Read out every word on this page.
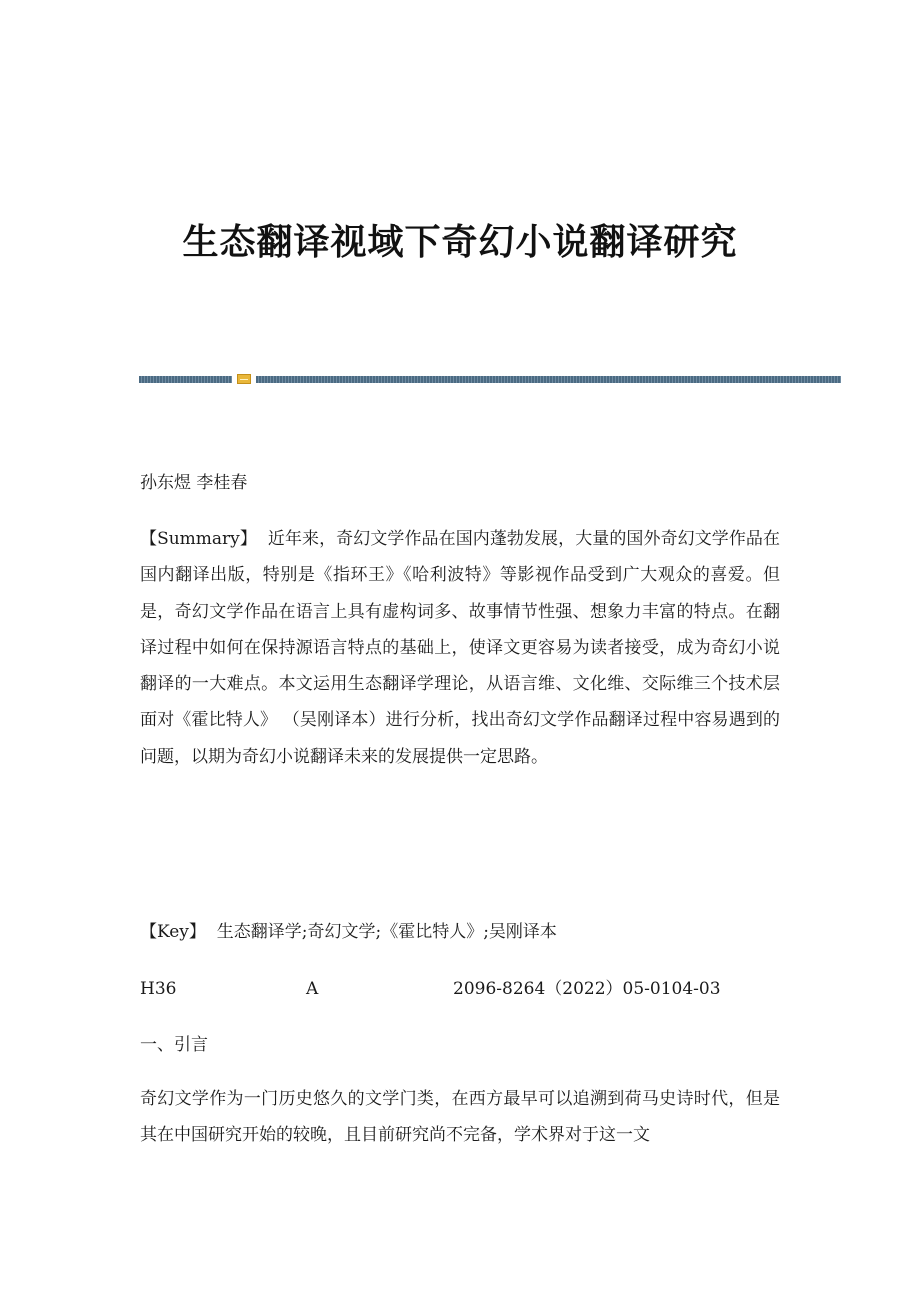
生态翻译视域下奇幻小说翻译研究

孙东煜 李桂春

【Summary】 近年来，奇幻文学作品在国内蓬勃发展，大量的国外奇幻文学作品在国内翻译出版，特别是《指环王》《哈利波特》等影视作品受到广大观众的喜爱。但是，奇幻文学作品在语言上具有虚构词多、故事情节性强、想象力丰富的特点。在翻译过程中如何在保持源语言特点的基础上，使译文更容易为读者接受，成为奇幻小说翻译的一大难点。本文运用生态翻译学理论，从语言维、文化维、交际维三个技术层面对《霍比特人》 （吴刚译本）进行分析，找出奇幻文学作品翻译过程中容易遇到的问题，以期为奇幻小说翻译未来的发展提供一定思路。

【Key】 生态翻译学;奇幻文学;《霍比特人》;吴刚译本

H36	A	2096-8264（2022）05-0104-03

一、引言

奇幻文学作为一门历史悠久的文学门类，在西方最早可以追溯到荷马史诗时代，但是其在中国研究开始的较晚，且目前研究尚不完备，学术界对于这一文
